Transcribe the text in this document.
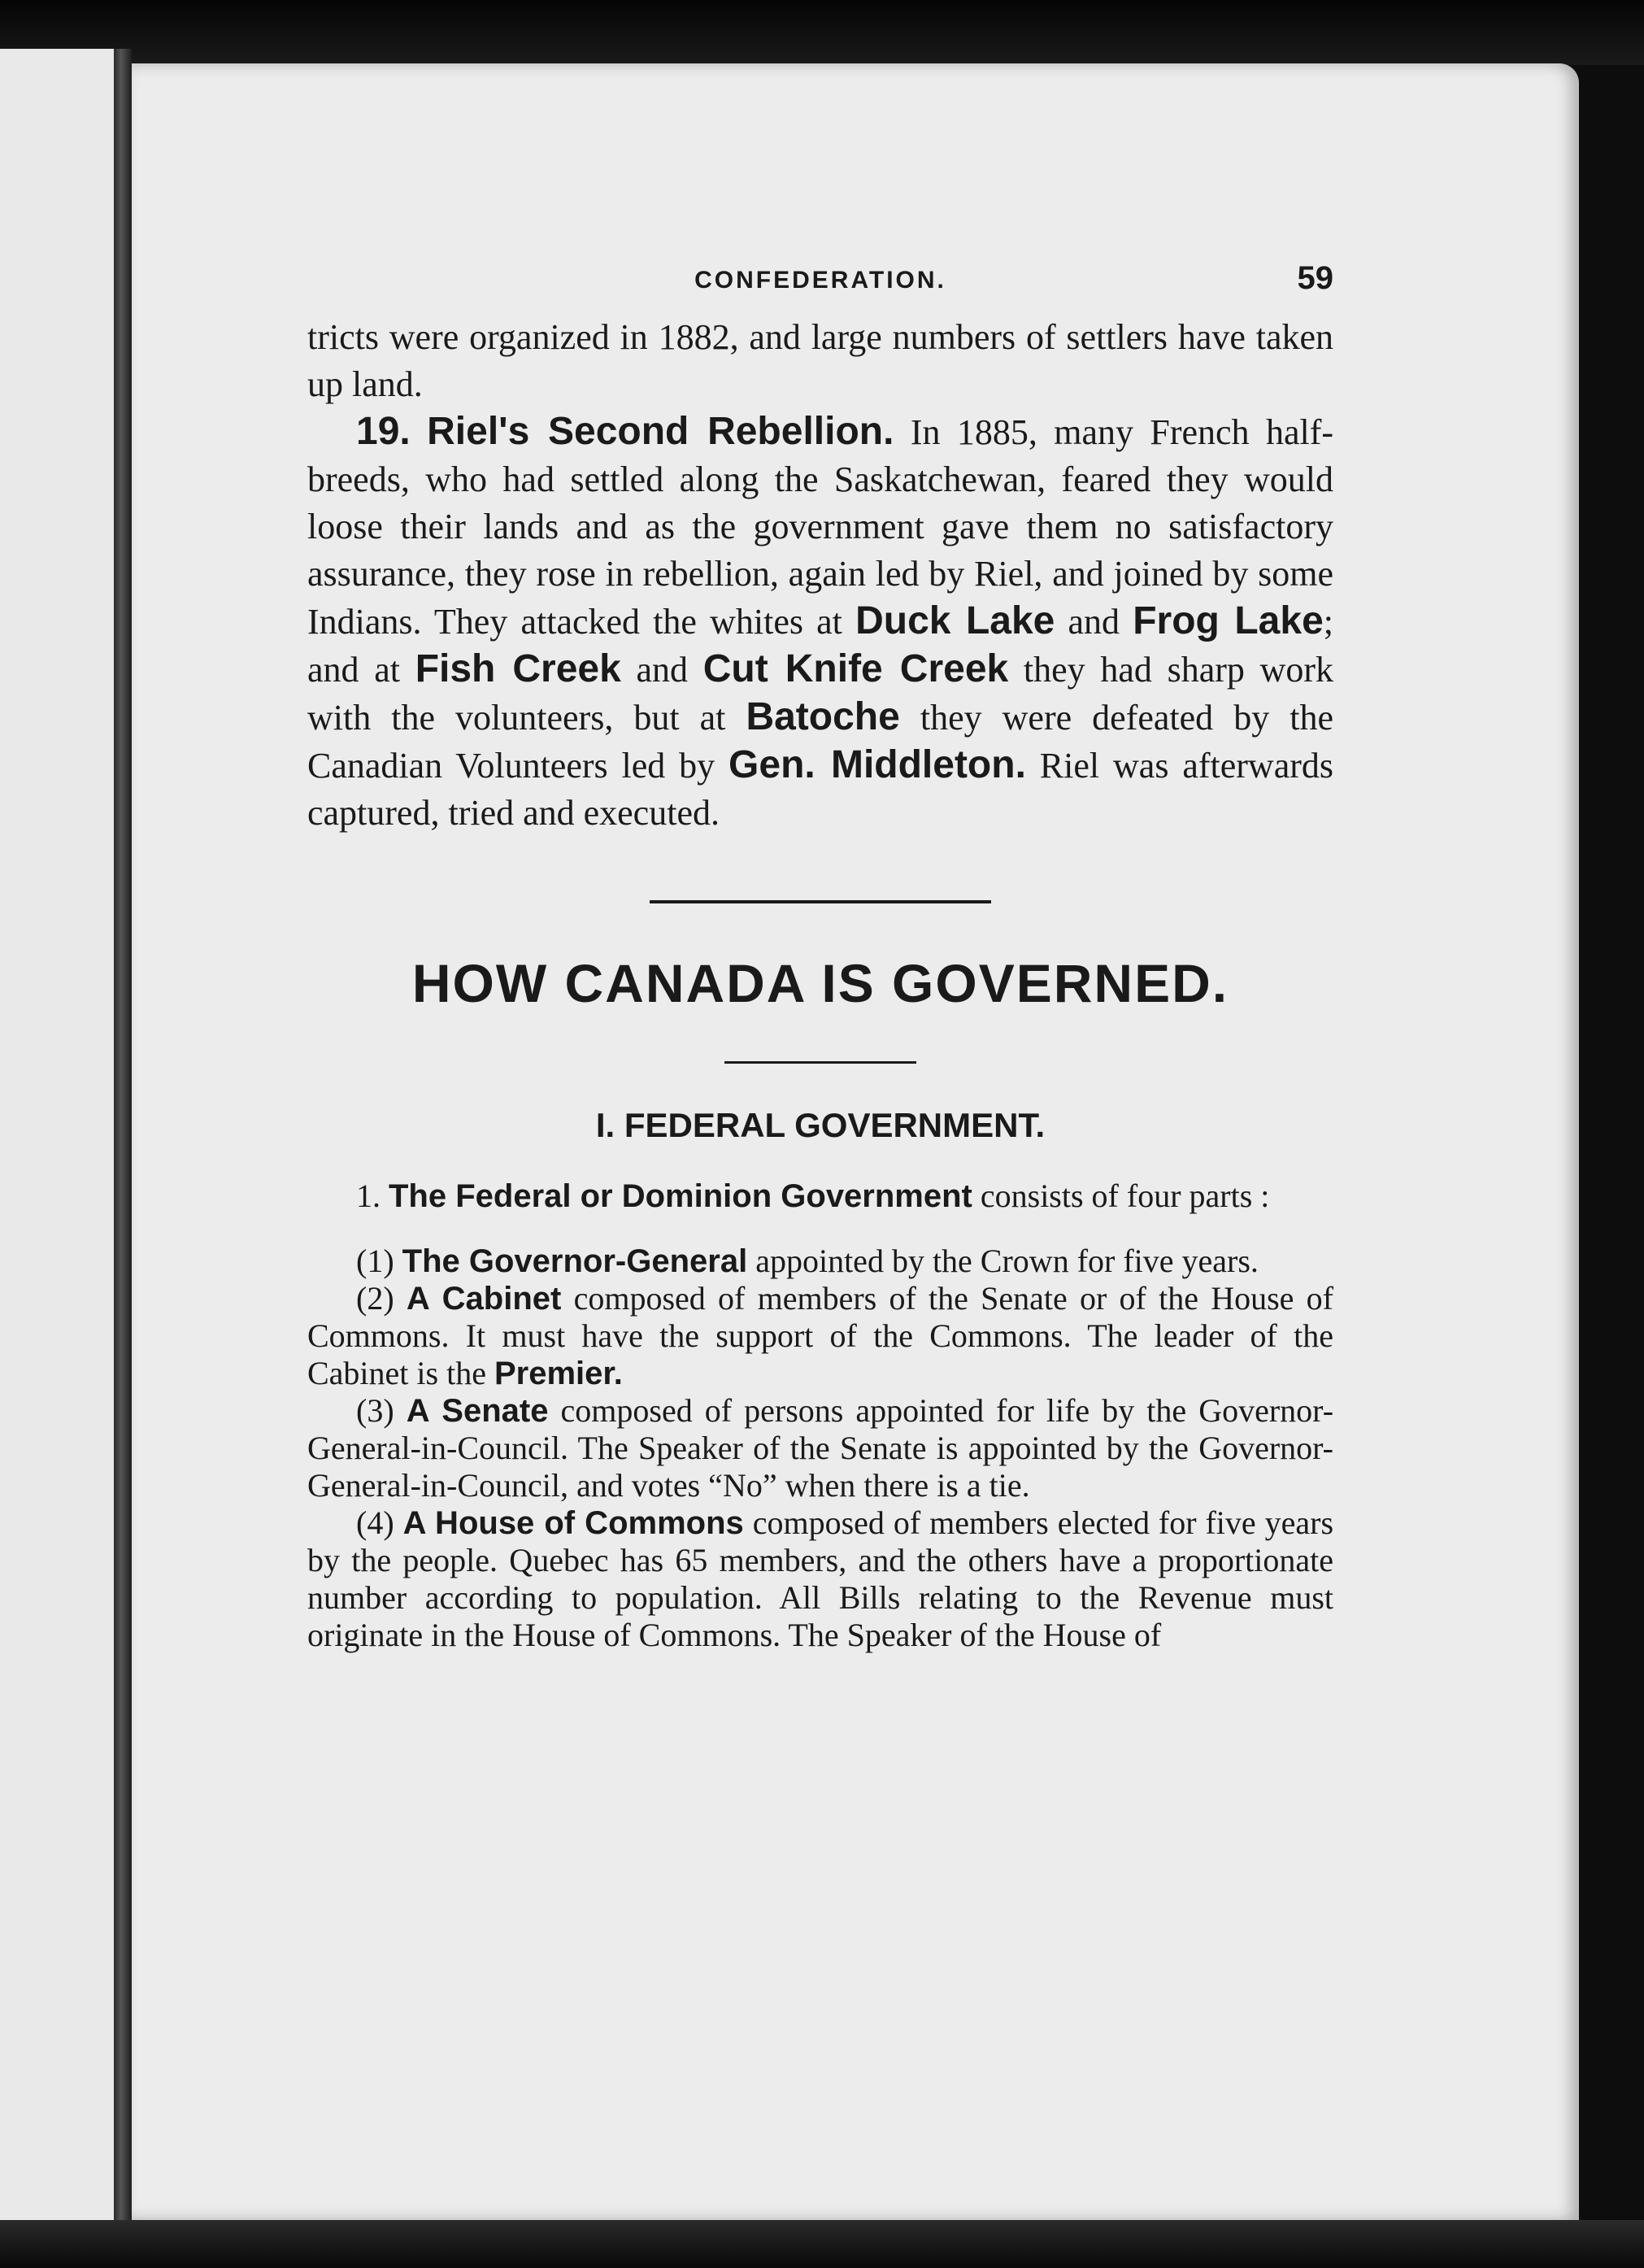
CONFEDERATION.	59

tricts were organized in 1882, and large numbers of settlers have taken up land.

19. Riel's Second Rebellion. In 1885, many French half-breeds, who had settled along the Saskatchewan, feared they would loose their lands and as the government gave them no satisfactory assurance, they rose in rebellion, again led by Riel, and joined by some Indians. They attacked the whites at Duck Lake and Frog Lake; and at Fish Creek and Cut Knife Creek they had sharp work with the volunteers, but at Batoche they were defeated by the Canadian Volunteers led by Gen. Middleton. Riel was afterwards captured, tried and executed.

HOW CANADA IS GOVERNED.
I. FEDERAL GOVERNMENT.

1. The Federal or Dominion Government consists of four parts :

(1) The Governor-General appointed by the Crown for five years.

(2) A Cabinet composed of members of the Senate or of the House of Commons. It must have the support of the Commons. The leader of the Cabinet is the Premier.

(3) A Senate composed of persons appointed for life by the Governor-General-in-Council. The Speaker of the Senate is appointed by the Governor-General-in-Council, and votes “No” when there is a tie.

(4) A House of Commons composed of members elected for five years by the people. Quebec has 65 members, and the others have a proportionate number according to population. All Bills relating to the Revenue must originate in the House of Commons. The Speaker of the House of
